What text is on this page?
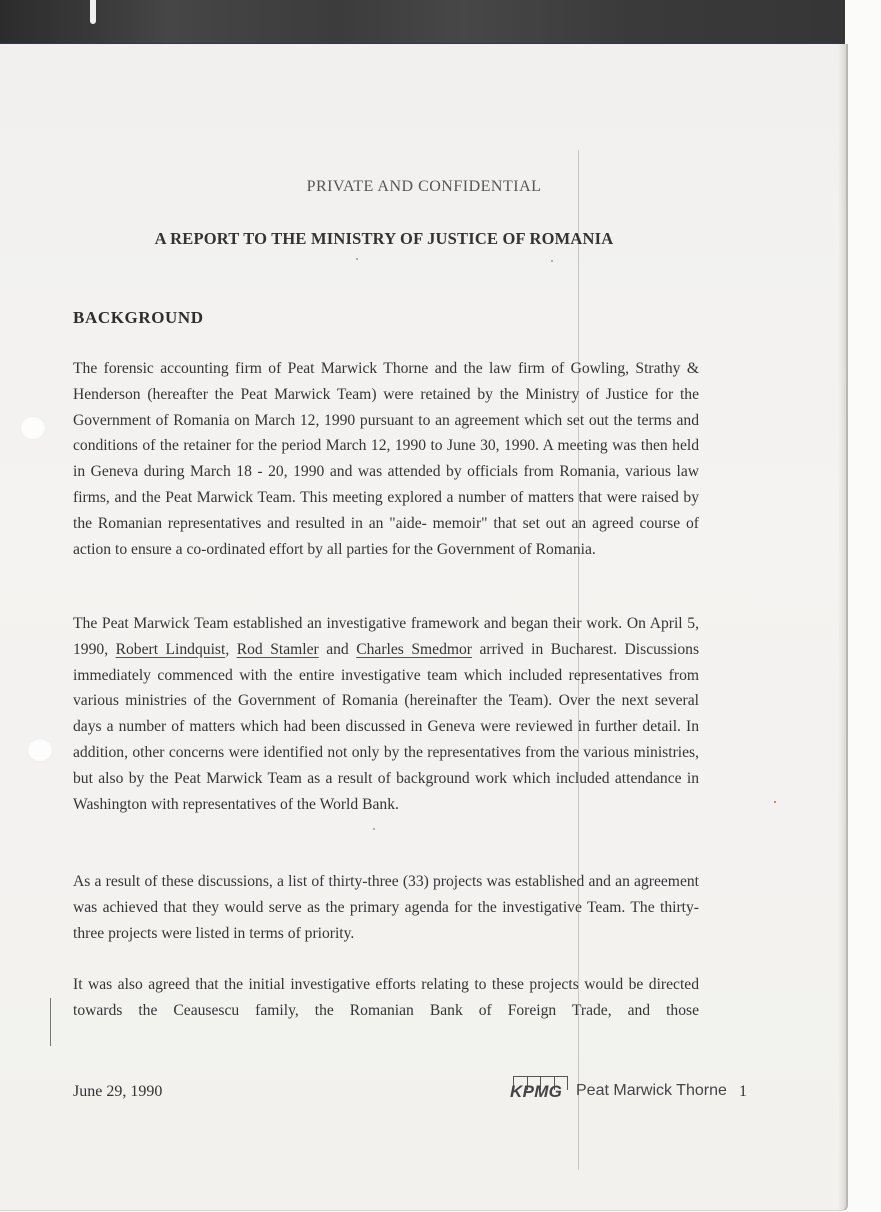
PRIVATE AND CONFIDENTIAL
A REPORT TO THE MINISTRY OF JUSTICE OF ROMANIA
BACKGROUND

The forensic accounting firm of Peat Marwick Thorne and the law firm of Gowling, Strathy & Henderson (hereafter the Peat Marwick Team) were retained by the Ministry of Justice for the Government of Romania on March 12, 1990 pursuant to an agreement which set out the terms and conditions of the retainer for the period March 12, 1990 to June 30, 1990. A meeting was then held in Geneva during March 18 - 20, 1990 and was attended by officials from Romania, various law firms, and the Peat Marwick Team. This meeting explored a number of matters that were raised by the Romanian representatives and resulted in an "aide- memoir" that set out an agreed course of action to ensure a co-ordinated effort by all parties for the Government of Romania.

The Peat Marwick Team established an investigative framework and began their work. On April 5, 1990, Robert Lindquist, Rod Stamler and Charles Smedmor arrived in Bucharest. Discussions immediately commenced with the entire investigative team which included representatives from various ministries of the Government of Romania (hereinafter the Team). Over the next several days a number of matters which had been discussed in Geneva were reviewed in further detail. In addition, other concerns were identified not only by the representatives from the various ministries, but also by the Peat Marwick Team as a result of background work which included attendance in Washington with representatives of the World Bank.

As a result of these discussions, a list of thirty-three (33) projects was established and an agreement was achieved that they would serve as the primary agenda for the investigative Team. The thirty-three projects were listed in terms of priority.

It was also agreed that the initial investigative efforts relating to these projects would be directed towards the Ceausescu family, the Romanian Bank of Foreign Trade, and those

June 29, 1990	KPMG Peat Marwick Thorne 1
